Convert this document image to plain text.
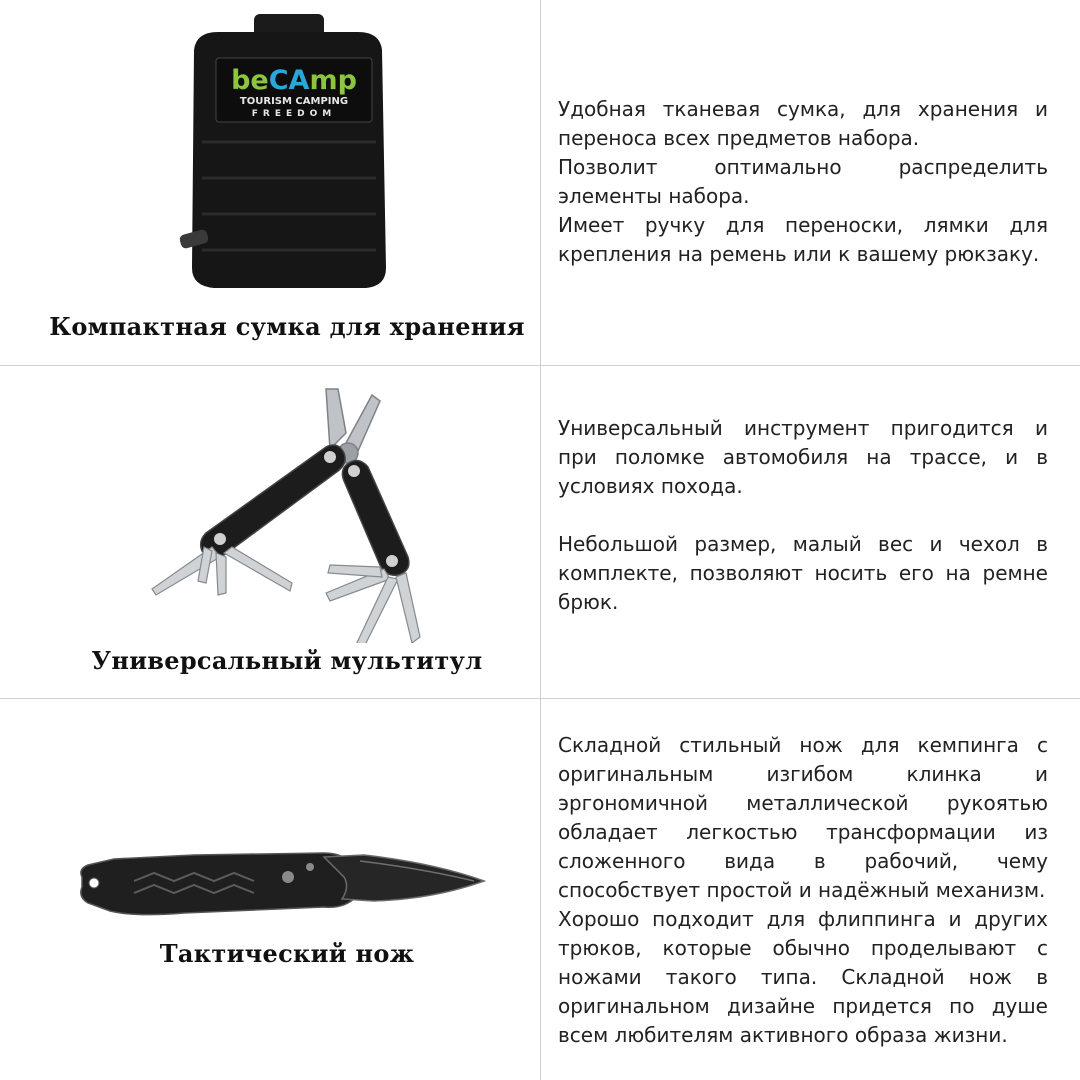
beCAmp
TOURISM CAMPING
FREEDOM
Компактная сумка для хранения

Удобная тканевая сумка, для хранения и переноса всех предметов набора.

Позволит оптимально распределить элементы набора.

Имеет ручку для переноски, лямки для крепления на ремень или к вашему рюкзаку.

Универсальный мультитул

Универсальный инструмент пригодится и при поломке автомобиля на трассе, и в условиях похода.

Небольшой размер, малый вес и чехол в комплекте, позволяют носить его на ремне брюк.

Тактический нож

Складной стильный нож для кемпинга с оригинальным изгибом клинка и эргономичной металлической рукоятью обладает легкостью трансформации из сложенного вида в рабочий, чему способствует простой и надёжный механизм.

Хорошо подходит для флиппинга и других трюков, которые обычно проделывают с ножами такого типа. Складной нож в оригинальном дизайне придется по душе всем любителям активного образа жизни.
